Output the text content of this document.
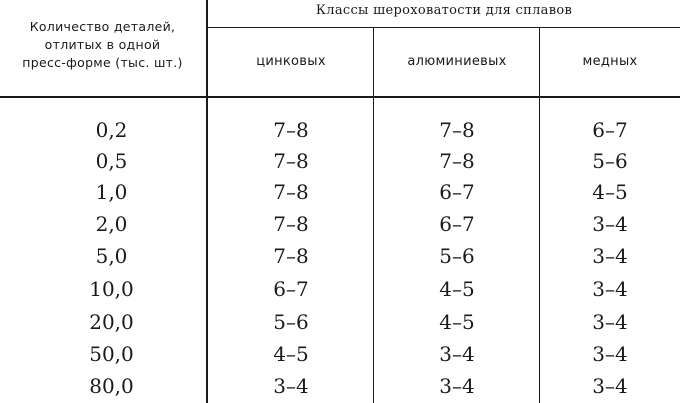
Количество деталей,
отлитых в одной
пресс-форме (тыс. шт.)
Классы шероховатости для сплавов
цинковых	алюминиевых	медных
0,2	7–8	7–8	6–7
0,5	7–8	7–8	5–6
1,0	7–8	6–7	4–5
2,0	7–8	6–7	3–4
5,0	7–8	5–6	3–4
10,0	6–7	4–5	3–4
20,0	5–6	4–5	3–4
50,0	4–5	3–4	3–4
80,0	3–4	3–4	3–4
